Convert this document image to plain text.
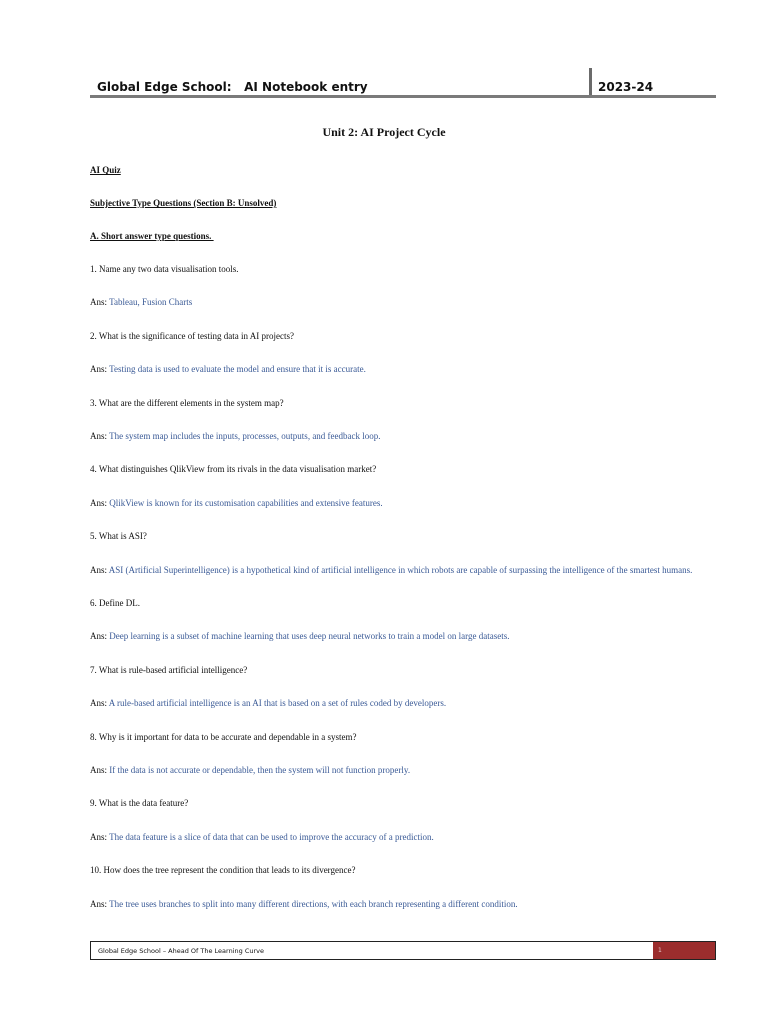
Global Edge School:   AI Notebook entry	2023-24
Unit 2: AI Project Cycle
AI Quiz
Subjective Type Questions (Section B: Unsolved)
A. Short answer type questions.
1. Name any two data visualisation tools.
Ans: Tableau, Fusion Charts
2. What is the significance of testing data in AI projects?
Ans: Testing data is used to evaluate the model and ensure that it is accurate.
3. What are the different elements in the system map?
Ans: The system map includes the inputs, processes, outputs, and feedback loop.
4. What distinguishes QlikView from its rivals in the data visualisation market?
Ans: QlikView is known for its customisation capabilities and extensive features.
5. What is ASI?
Ans: ASI (Artificial Superintelligence) is a hypothetical kind of artificial intelligence in which robots are capable of surpassing the intelligence of the smartest humans.
6. Define DL.
Ans: Deep learning is a subset of machine learning that uses deep neural networks to train a model on large datasets.
7. What is rule-based artificial intelligence?
Ans: A rule-based artificial intelligence is an AI that is based on a set of rules coded by developers.
8. Why is it important for data to be accurate and dependable in a system?
Ans: If the data is not accurate or dependable, then the system will not function properly.
9. What is the data feature?
Ans: The data feature is a slice of data that can be used to improve the accuracy of a prediction.
10. How does the tree represent the condition that leads to its divergence?
Ans: The tree uses branches to split into many different directions, with each branch representing a different condition.
Global Edge School – Ahead Of The Learning Curve	1
